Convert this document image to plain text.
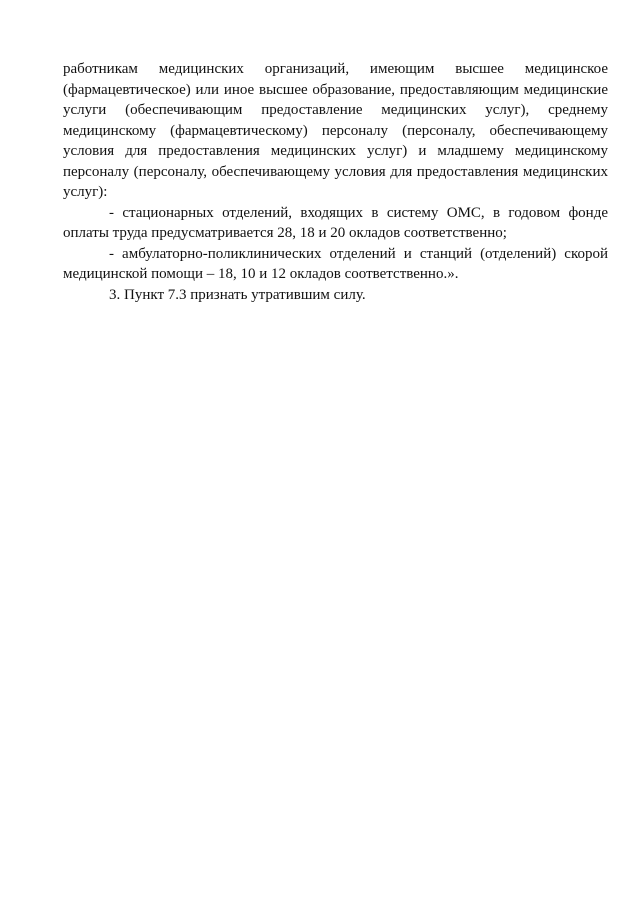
работникам медицинских организаций, имеющим высшее медицинское (фармацевтическое) или иное высшее образование, предоставляющим медицинские услуги (обеспечивающим предоставление медицинских услуг), среднему медицинскому (фармацевтическому) персоналу (персоналу, обеспечивающему условия для предоставления медицинских услуг) и младшему медицинскому персоналу (персоналу, обеспечивающему условия для предоставления медицинских услуг):

- стационарных отделений, входящих в систему ОМС, в годовом фонде оплаты труда предусматривается 28, 18 и 20 окладов соответственно;

- амбулаторно-поликлинических отделений и станций (отделений) скорой медицинской помощи – 18, 10 и 12 окладов соответственно.».

3. Пункт 7.3 признать утратившим силу.
